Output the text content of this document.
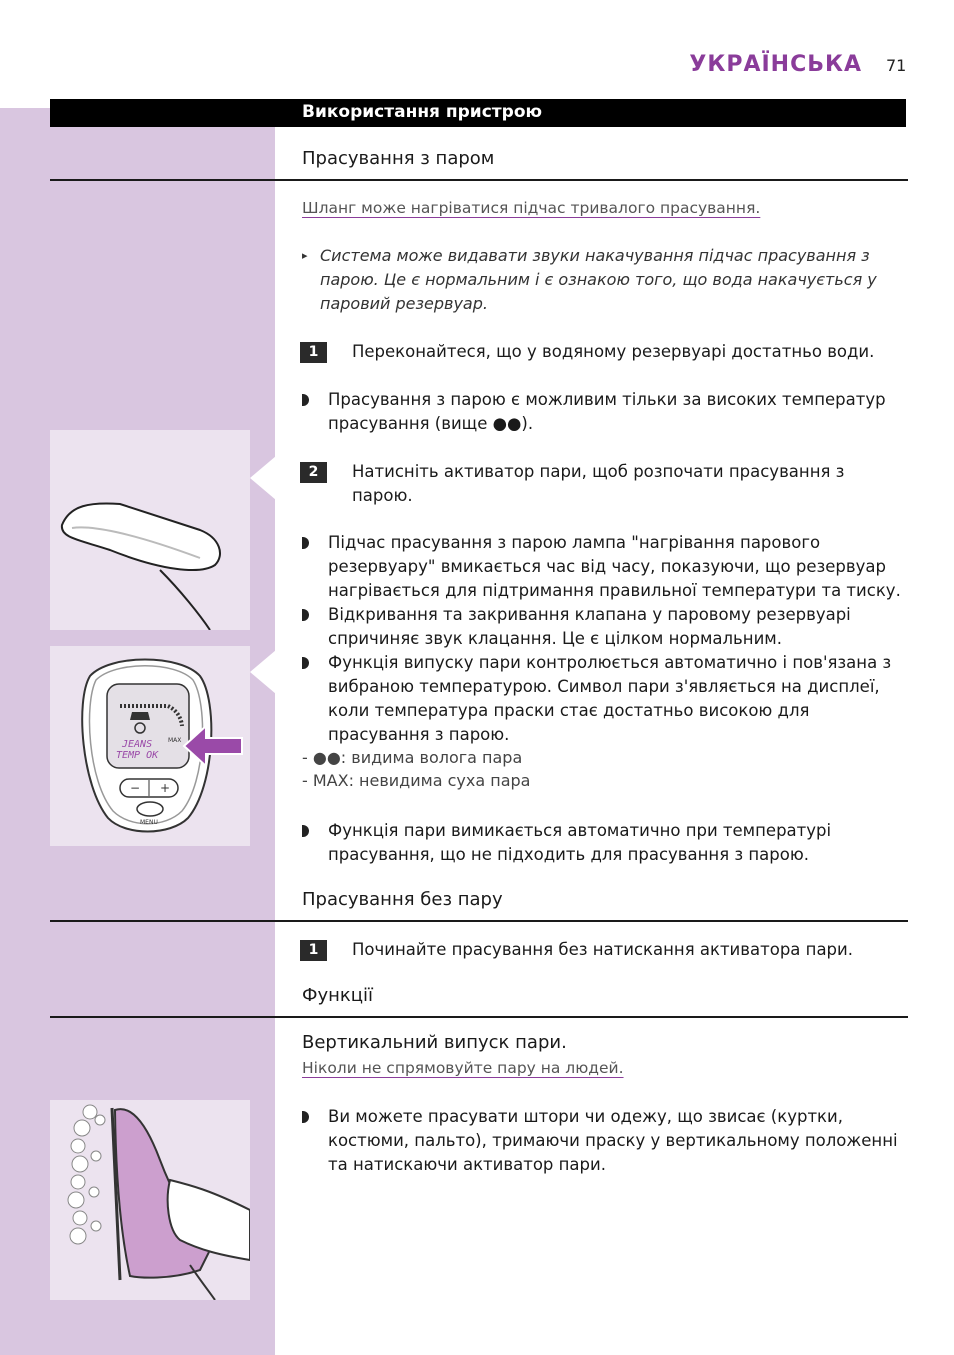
УКРАЇНСЬКА 71
Використання пристрою
Прасування з паром
Шланг може нагріватися підчас тривалого прасування.
▸ Система може видавати звуки накачування підчас прасування з парою. Це є нормальним і є ознакою того, що вода накачується у паровий резервуар.
1	Переконайтеся, що у водяному резервуарі достатньо води.
Прасування з парою є можливим тільки за високих температур прасування (вище ●●).
2	Натисніть активатор пари, щоб розпочати прасування з парою.
Підчас прасування з парою лампа "нагрівання парового резервуару" вмикається час від часу, показуючи, що резервуар нагрівається для підтримання правильної температури та тиску.
Відкривання та закривання клапана у паровому резервуарі спричиняє звук клацання. Це є цілком нормальним.
Функція випуску пари контролюється автоматично і пов'язана з вибраною температурою. Символ пари з'являється на дисплеї, коли температура праски стає достатньо високою для прасування з парою.
- ●●: видима волога пара
- MAX: невидима суха пара
Функція пари вимикається автоматично при температурі прасування, що не підходить для прасування з парою.
Прасування без пару
1	Починайте прасування без натискання активатора пари.
Функції
Вертикальний випуск пари.
Ніколи не спрямовуйте пару на людей.
Ви можете прасувати штори чи одежу, що звисає (куртки, костюми, пальто), тримаючи праску у вертикальному положенні та натискаючи активатор пари.
MAX
JEANS
TEMP OK
− +
MENU
